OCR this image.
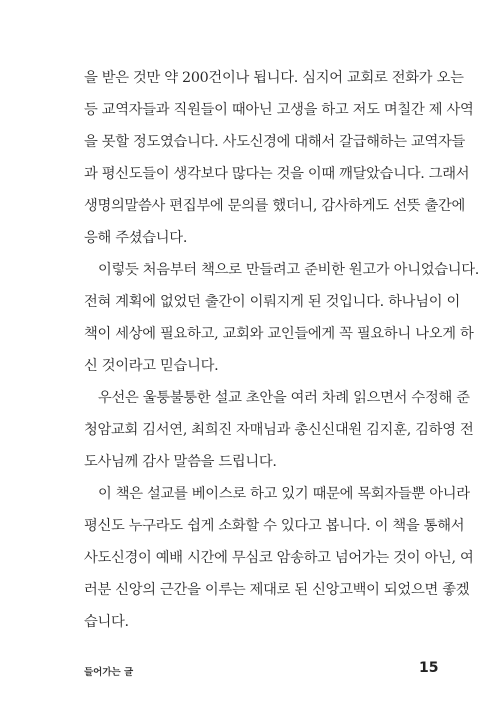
을 받은 것만 약 200건이나 됩니다. 심지어 교회로 전화가 오는
등 교역자들과 직원들이 때아닌 고생을 하고 저도 며칠간 제 사역
을 못할 정도였습니다. 사도신경에 대해서 갈급해하는 교역자들
과 평신도들이 생각보다 많다는 것을 이때 깨달았습니다. 그래서
생명의말씀사 편집부에 문의를 했더니, 감사하게도 선뜻 출간에
응해 주셨습니다.
이렇듯 처음부터 책으로 만들려고 준비한 원고가 아니었습니다.
전혀 계획에 없었던 출간이 이뤄지게 된 것입니다. 하나님이 이
책이 세상에 필요하고, 교회와 교인들에게 꼭 필요하니 나오게 하
신 것이라고 믿습니다.
우선은 울퉁불퉁한 설교 초안을 여러 차례 읽으면서 수정해 준
청암교회 김서연, 최희진 자매님과 총신신대원 김지훈, 김하영 전
도사님께 감사 말씀을 드립니다.
이 책은 설교를 베이스로 하고 있기 때문에 목회자들뿐 아니라
평신도 누구라도 쉽게 소화할 수 있다고 봅니다. 이 책을 통해서
사도신경이 예배 시간에 무심코 암송하고 넘어가는 것이 아닌, 여
러분 신앙의 근간을 이루는 제대로 된 신앙고백이 되었으면 좋겠
습니다.
들어가는 글	15
